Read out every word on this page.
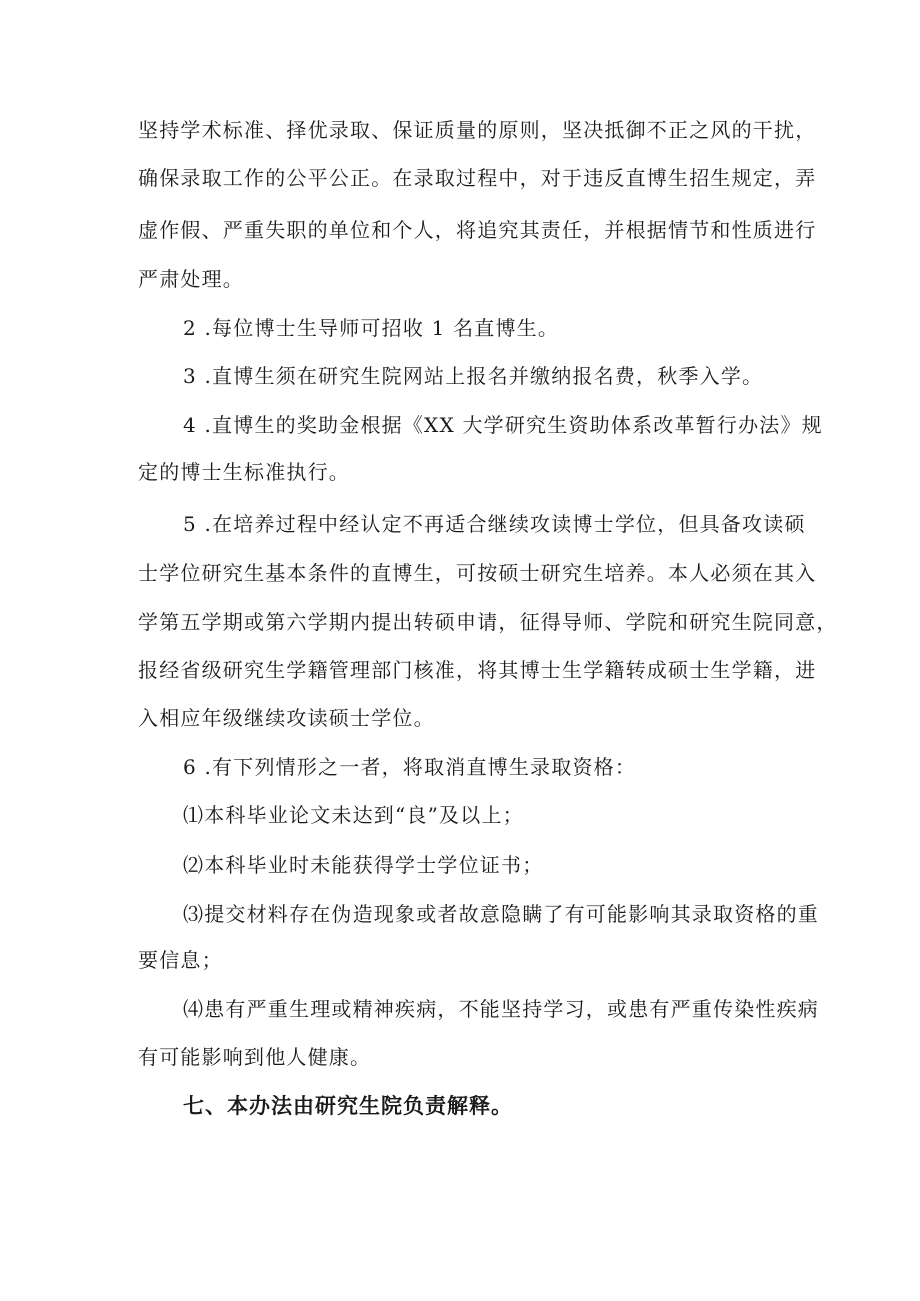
坚持学术标准、择优录取、保证质量的原则，坚决抵御不正之风的干扰，
确保录取工作的公平公正。在录取过程中，对于违反直博生招生规定，弄
虚作假、严重失职的单位和个人，将追究其责任，并根据情节和性质进行
严肃处理。
2 .每位博士生导师可招收 1 名直博生。
3 .直博生须在研究生院网站上报名并缴纳报名费，秋季入学。
4 .直博生的奖助金根据《XX 大学研究生资助体系改革暂行办法》规
定的博士生标准执行。
5 .在培养过程中经认定不再适合继续攻读博士学位，但具备攻读硕
士学位研究生基本条件的直博生，可按硕士研究生培养。本人必须在其入
学第五学期或第六学期内提出转硕申请，征得导师、学院和研究生院同意，
报经省级研究生学籍管理部门核准，将其博士生学籍转成硕士生学籍，进
入相应年级继续攻读硕士学位。
6 .有下列情形之一者，将取消直博生录取资格：
⑴本科毕业论文未达到“良”及以上；
⑵本科毕业时未能获得学士学位证书；
⑶提交材料存在伪造现象或者故意隐瞒了有可能影响其录取资格的重
要信息；
⑷患有严重生理或精神疾病，不能坚持学习，或患有严重传染性疾病
有可能影响到他人健康。
七、本办法由研究生院负责解释。
